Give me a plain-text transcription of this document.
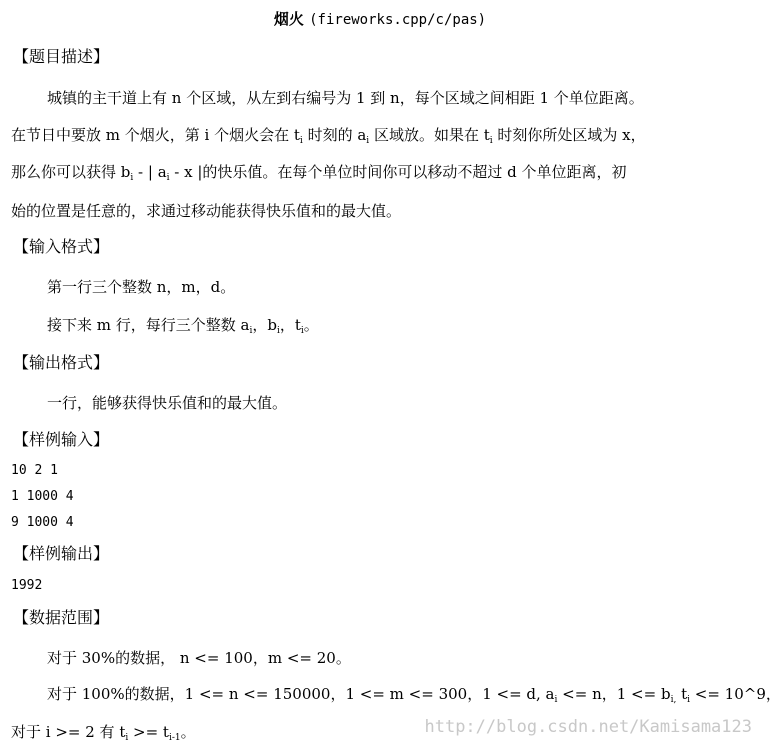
烟火 (fireworks.cpp/c/pas)
【题目描述】
城镇的主干道上有 n 个区域，从左到右编号为 1 到 n，每个区域之间相距 1 个单位距离。
在节日中要放 m 个烟火，第 i 个烟火会在 $t_i$ 时刻的 $a_i$ 区域放。如果在 $t_i$ 时刻你所处区域为 x，
那么你可以获得 $b_i$ - | $a_i$ - x |的快乐值。在每个单位时间你可以移动不超过 d 个单位距离，初
始的位置是任意的，求通过移动能获得快乐值和的最大值。
【输入格式】
第一行三个整数 n，m，d。
接下来 m 行，每行三个整数 $a_i$，$b_i$，$t_i$。
【输出格式】
一行，能够获得快乐值和的最大值。
【样例输入】
10 2 1
1 1000 4
9 1000 4
【样例输出】
1992
【数据范围】
对于 30%的数据， n <= 100，m <= 20。
对于 100%的数据，1 <= n <= 150000，1 <= m <= 300，1 <= d, $a_i <= n$，$1 <= b_{i,}$ $t_i$ <= 10^9，
对于 i >= 2 有 $t_i >= t_{i-1}$。	http://blog.csdn.net/Kamisama123
